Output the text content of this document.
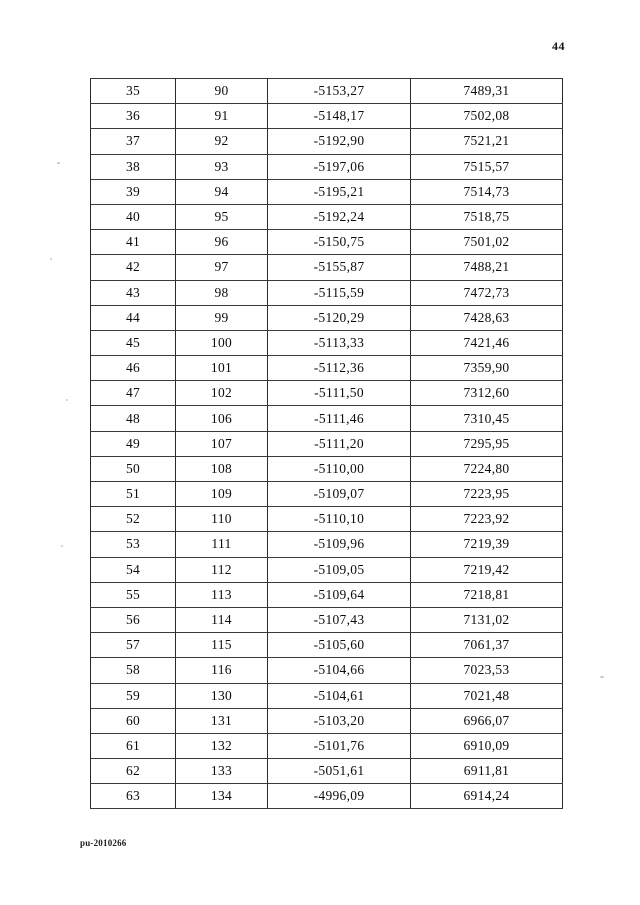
44
35	90	-5153,27	7489,31
36	91	-5148,17	7502,08
37	92	-5192,90	7521,21
38	93	-5197,06	7515,57
39	94	-5195,21	7514,73
40	95	-5192,24	7518,75
41	96	-5150,75	7501,02
42	97	-5155,87	7488,21
43	98	-5115,59	7472,73
44	99	-5120,29	7428,63
45	100	-5113,33	7421,46
46	101	-5112,36	7359,90
47	102	-5111,50	7312,60
48	106	-5111,46	7310,45
49	107	-5111,20	7295,95
50	108	-5110,00	7224,80
51	109	-5109,07	7223,95
52	110	-5110,10	7223,92
53	111	-5109,96	7219,39
54	112	-5109,05	7219,42
55	113	-5109,64	7218,81
56	114	-5107,43	7131,02
57	115	-5105,60	7061,37
58	116	-5104,66	7023,53
59	130	-5104,61	7021,48
60	131	-5103,20	6966,07
61	132	-5101,76	6910,09
62	133	-5051,61	6911,81
63	134	-4996,09	6914,24
pu-2010266
